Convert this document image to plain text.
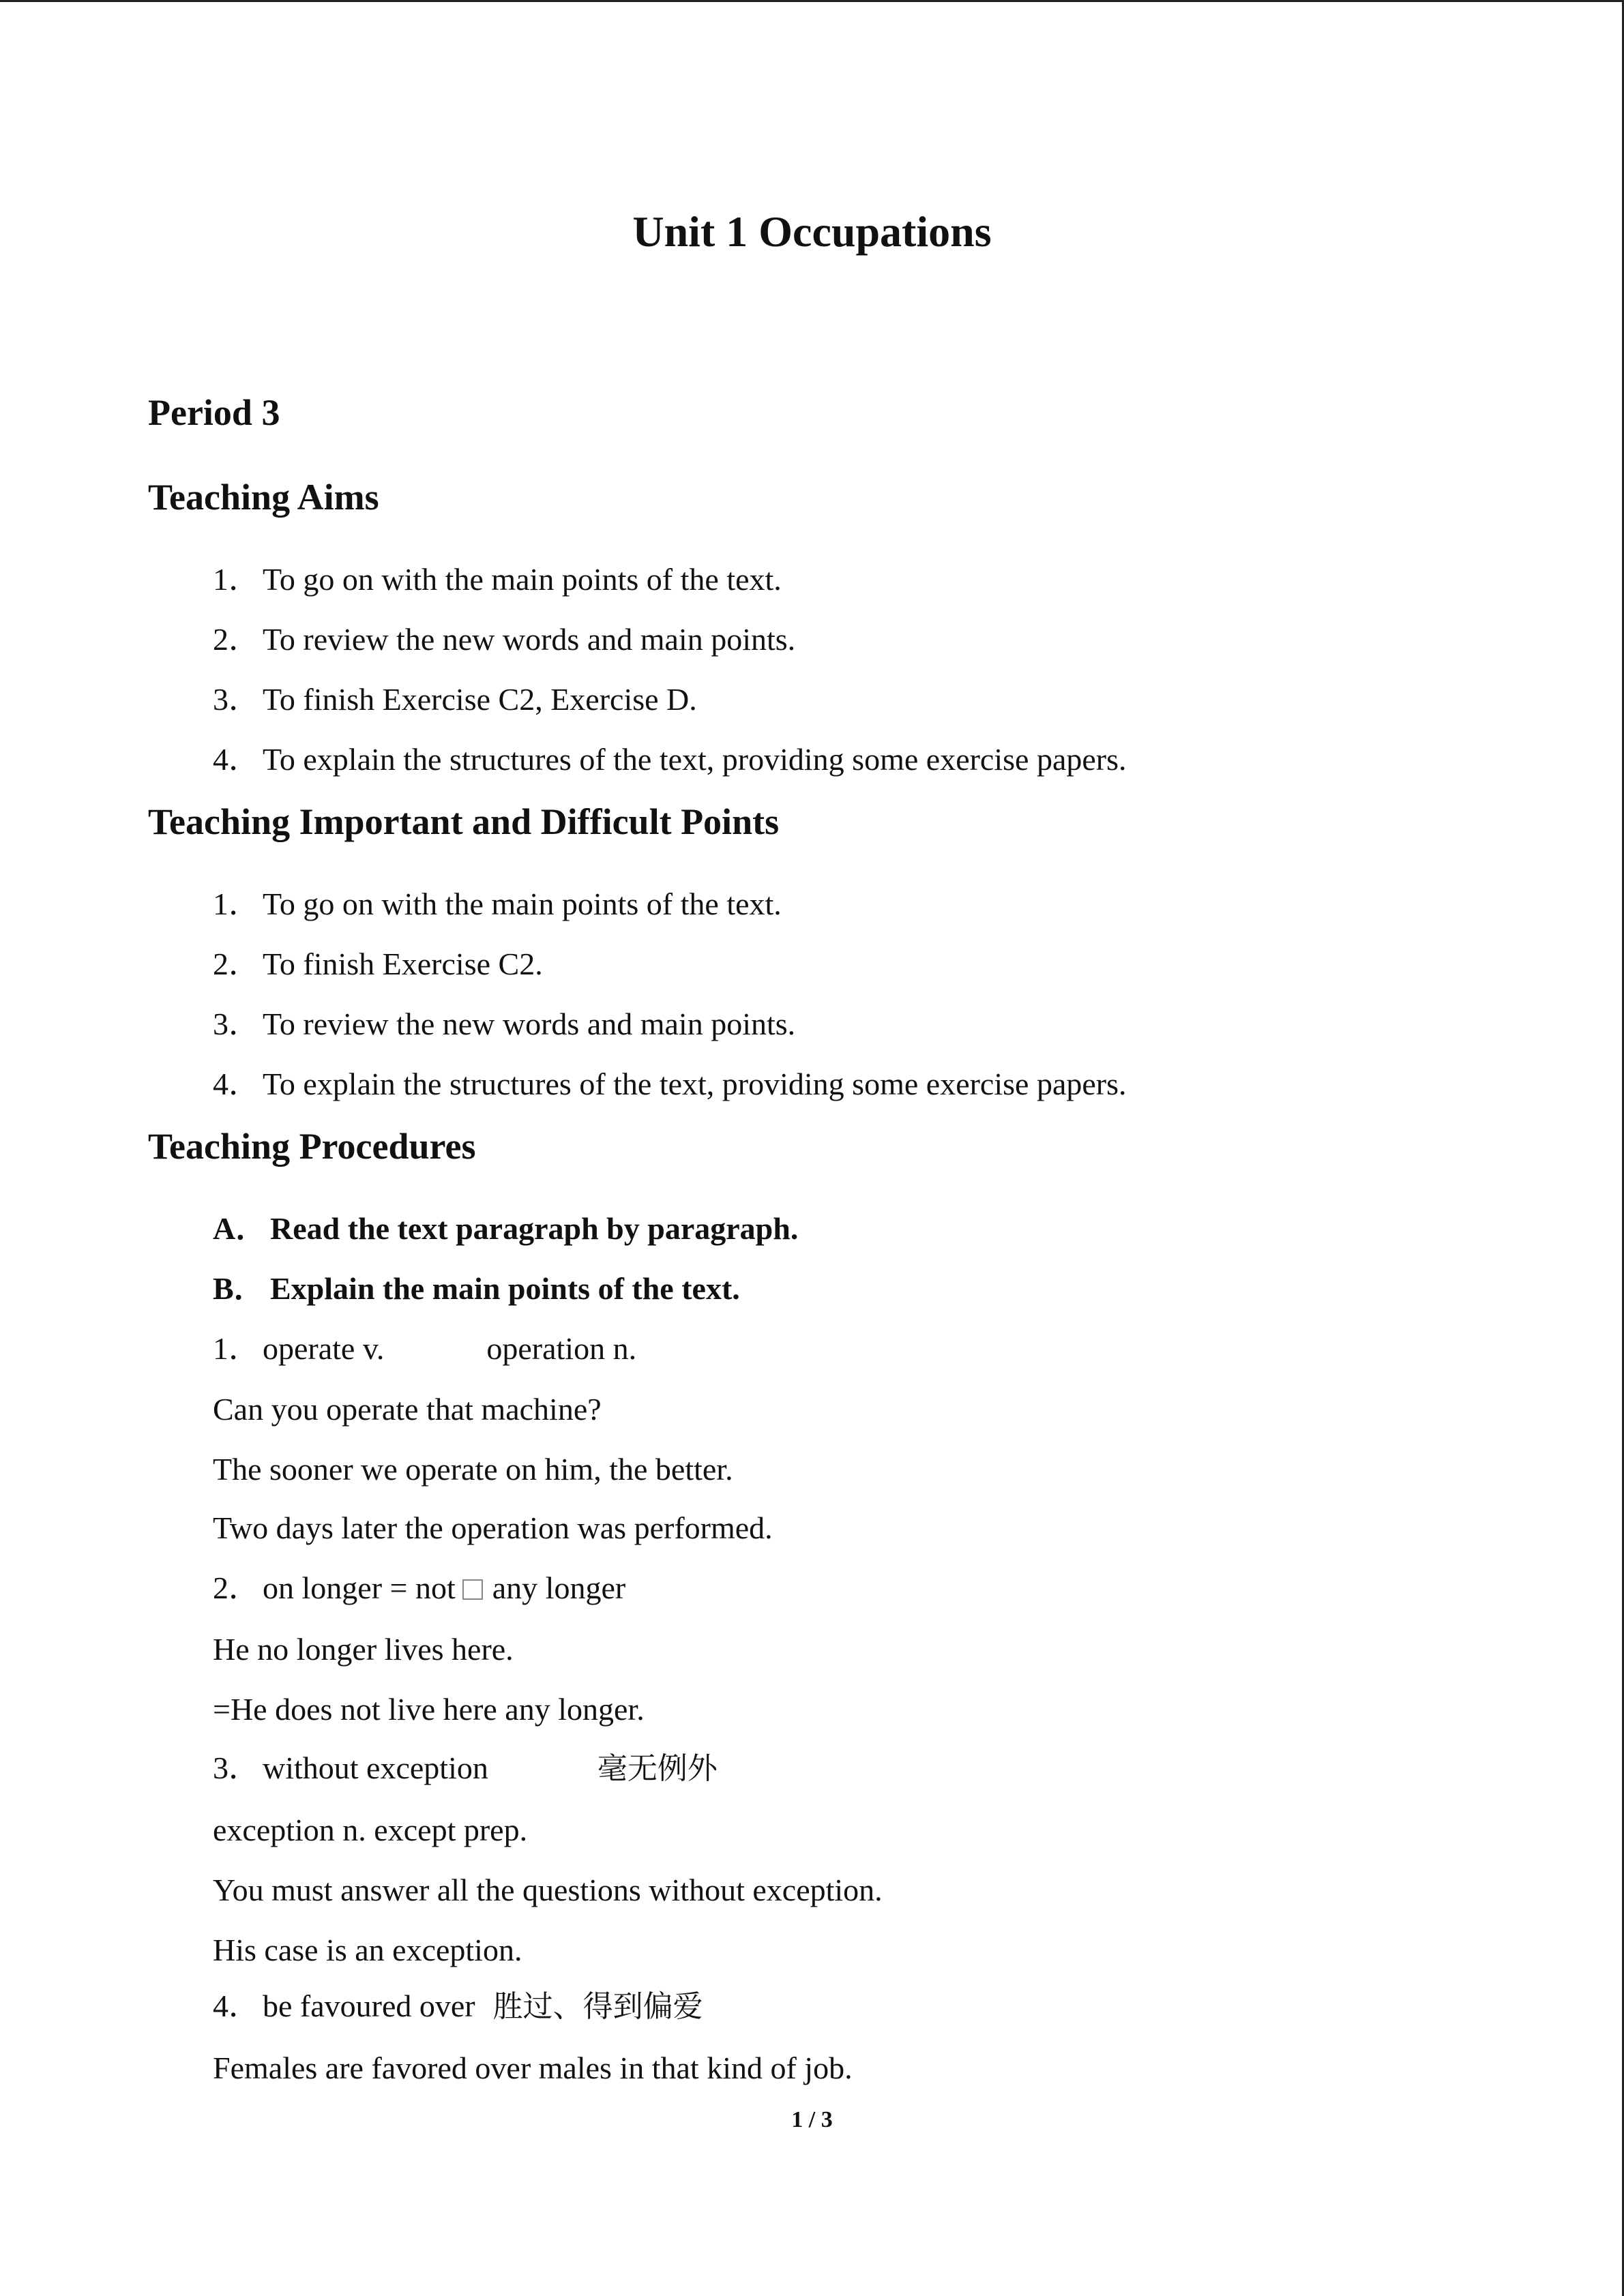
Unit 1 Occupations
Period 3
Teaching Aims
1．To go on with the main points of the text.
2．To review the new words and main points.
3．To finish Exercise C2, Exercise D.
4．To explain the structures of the text, providing some exercise papers.
Teaching Important and Difficult Points
1．To go on with the main points of the text.
2．To finish Exercise C2.
3．To review the new words and main points.
4．To explain the structures of the text, providing some exercise papers.
Teaching Procedures
A． Read the text paragraph by paragraph.
B． Explain the main points of the text.
1．operate v.	operation n.
Can you operate that machine?
The sooner we operate on him, the better.
Two days later the operation was performed.
2．on longer = not any longer
He no longer lives here.
=He does not live here any longer.
3．without exception	毫无例外
exception n. except prep.
You must answer all the questions without exception.
His case is an exception.
4．be favoured over 胜过、得到偏爱
Females are favored over males in that kind of job.
1 / 3
